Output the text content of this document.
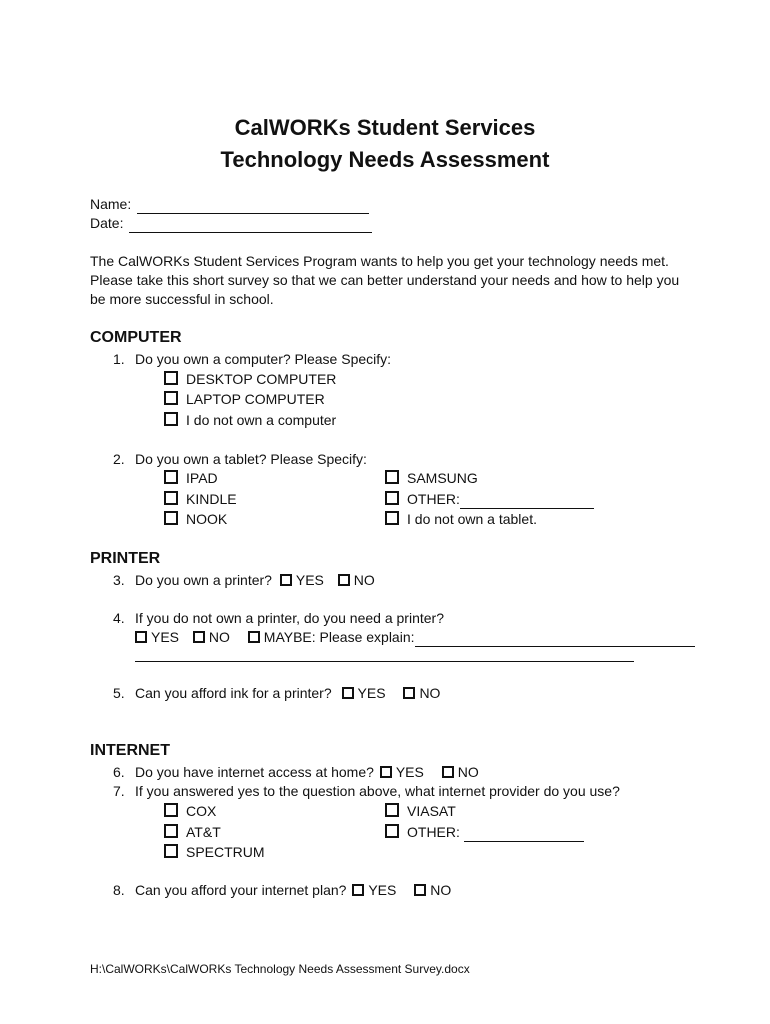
CalWORKs Student Services
Technology Needs Assessment
Name:
Date:
The CalWORKs Student Services Program wants to help you get your technology needs met.
Please take this short survey so that we can better understand your needs and how to help you
be more successful in school.
COMPUTER
1. Do you own a computer? Please Specify:
DESKTOP COMPUTER
LAPTOP COMPUTER
I do not own a computer
2. Do you own a tablet? Please Specify:
IPAD
KINDLE
NOOK
SAMSUNG
OTHER:
I do not own a tablet.
PRINTER
3. Do you own a printer? YES NO
4. If you do not own a printer, do you need a printer?
YES NO MAYBE: Please explain:
5. Can you afford ink for a printer? YES NO
INTERNET
6. Do you have internet access at home? YES NO
7. If you answered yes to the question above, what internet provider do you use?
COX
AT&T
SPECTRUM
VIASAT
OTHER:
8. Can you afford your internet plan? YES NO
H:\CalWORKs\CalWORKs Technology Needs Assessment Survey.docx
